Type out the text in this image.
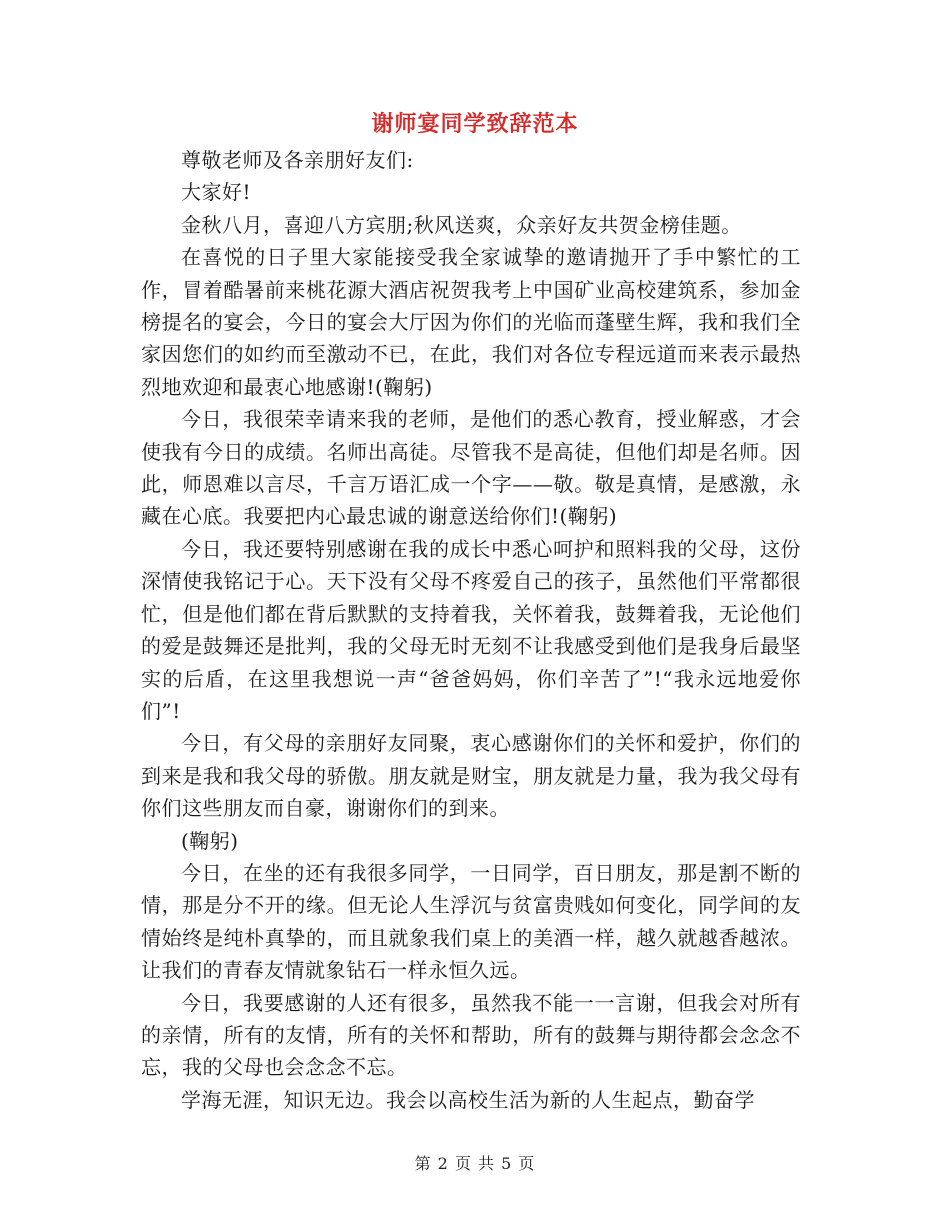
谢师宴同学致辞范本

尊敬老师及各亲朋好友们:

大家好!

金秋八月，喜迎八方宾朋;秋风送爽，众亲好友共贺金榜佳题。

在喜悦的日子里大家能接受我全家诚挚的邀请抛开了手中繁忙的工作，冒着酷暑前来桃花源大酒店祝贺我考上中国矿业高校建筑系，参加金榜提名的宴会，今日的宴会大厅因为你们的光临而蓬壁生辉，我和我们全家因您们的如约而至激动不已，在此，我们对各位专程远道而来表示最热烈地欢迎和最衷心地感谢!(鞠躬)

今日，我很荣幸请来我的老师，是他们的悉心教育，授业解惑，才会使我有今日的成绩。名师出高徒。尽管我不是高徒，但他们却是名师。因此，师恩难以言尽，千言万语汇成一个字——敬。敬是真情，是感激，永藏在心底。我要把内心最忠诚的谢意送给你们!(鞠躬)

今日，我还要特别感谢在我的成长中悉心呵护和照料我的父母，这份深情使我铭记于心。天下没有父母不疼爱自己的孩子，虽然他们平常都很忙，但是他们都在背后默默的支持着我，关怀着我，鼓舞着我，无论他们的爱是鼓舞还是批判，我的父母无时无刻不让我感受到他们是我身后最坚实的后盾，在这里我想说一声“爸爸妈妈，你们辛苦了”!“我永远地爱你们”!

今日，有父母的亲朋好友同聚，衷心感谢你们的关怀和爱护，你们的到来是我和我父母的骄傲。朋友就是财宝，朋友就是力量，我为我父母有你们这些朋友而自豪，谢谢你们的到来。

(鞠躬)

今日，在坐的还有我很多同学，一日同学，百日朋友，那是割不断的情，那是分不开的缘。但无论人生浮沉与贫富贵贱如何变化，同学间的友情始终是纯朴真挚的，而且就象我们桌上的美酒一样，越久就越香越浓。让我们的青春友情就象钻石一样永恒久远。

今日，我要感谢的人还有很多，虽然我不能一一言谢，但我会对所有的亲情，所有的友情，所有的关怀和帮助，所有的鼓舞与期待都会念念不忘，我的父母也会念念不忘。

学海无涯，知识无边。我会以高校生活为新的人生起点，勤奋学

第 2 页 共 5 页
